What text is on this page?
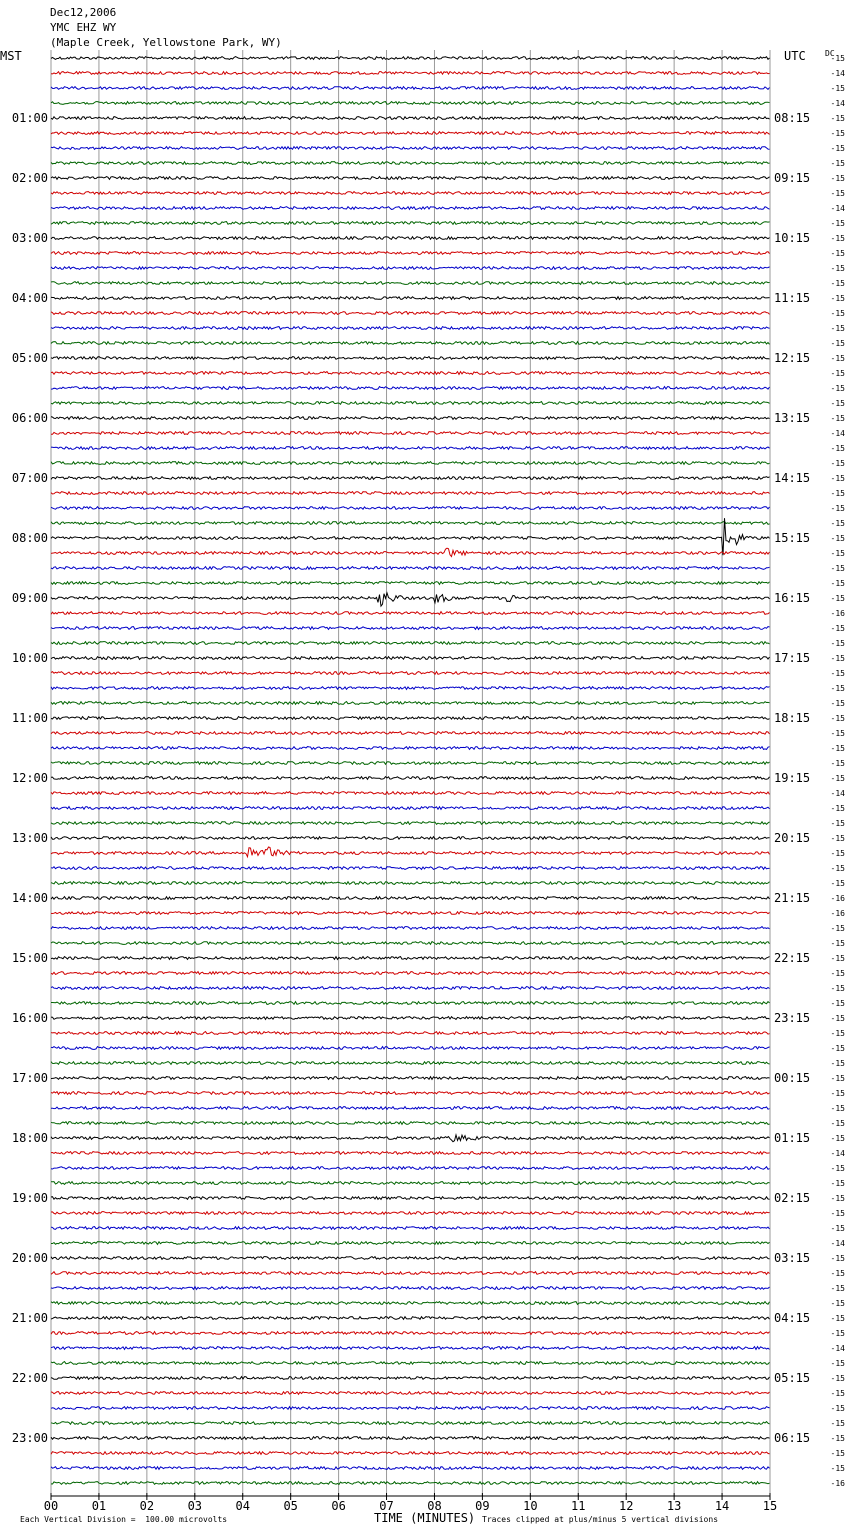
-15
-14
-15
-14
-15
01:00	08:15
-15
-15
-15
-15
02:00	09:15
-15
-14
-15
-15
03:00	10:15
-15
-15
-15
-15
04:00	11:15
-15
-15
-15
-15
05:00	12:15
-15
-15
-15
-15
06:00	13:15
-14
-15
-15
-15
07:00	14:15
-15
-15
-15
-15
08:00	15:15
-15
-15
-15
-15
09:00	16:15
-16
-15
-15
-15
10:00	17:15
-15
-15
-15
-15
11:00	18:15
-15
-15
-15
-15
12:00	19:15
-14
-15
-15
-15
13:00	20:15
-15
-15
-15
-16
14:00	21:15
-16
-15
-15
-15
15:00	22:15
-15
-15
-15
-15
16:00	23:15
-15
-15
-15
-15
17:00	00:15
-15
-15
-15
-15
18:00	01:15
-14
-15
-15
-15
19:00	02:15
-15
-15
-14
-15
20:00	03:15
-15
-15
-15
-15
21:00	04:15
-15
-14
-15
-15
22:00	05:15
-15
-15
-15
-15
23:00	06:15
-15
-15
-16
00	01	02	03	04	05	06	07	08	09	10	11	12	13	14	15
Dec12,2006
YMC EHZ WY
(Maple Creek, Yellowstone Park, WY)
MST	UTC DC
Each Vertical Division =  100.00 microvolts	TIME (MINUTES) Traces clipped at plus/minus 5 vertical divisions
